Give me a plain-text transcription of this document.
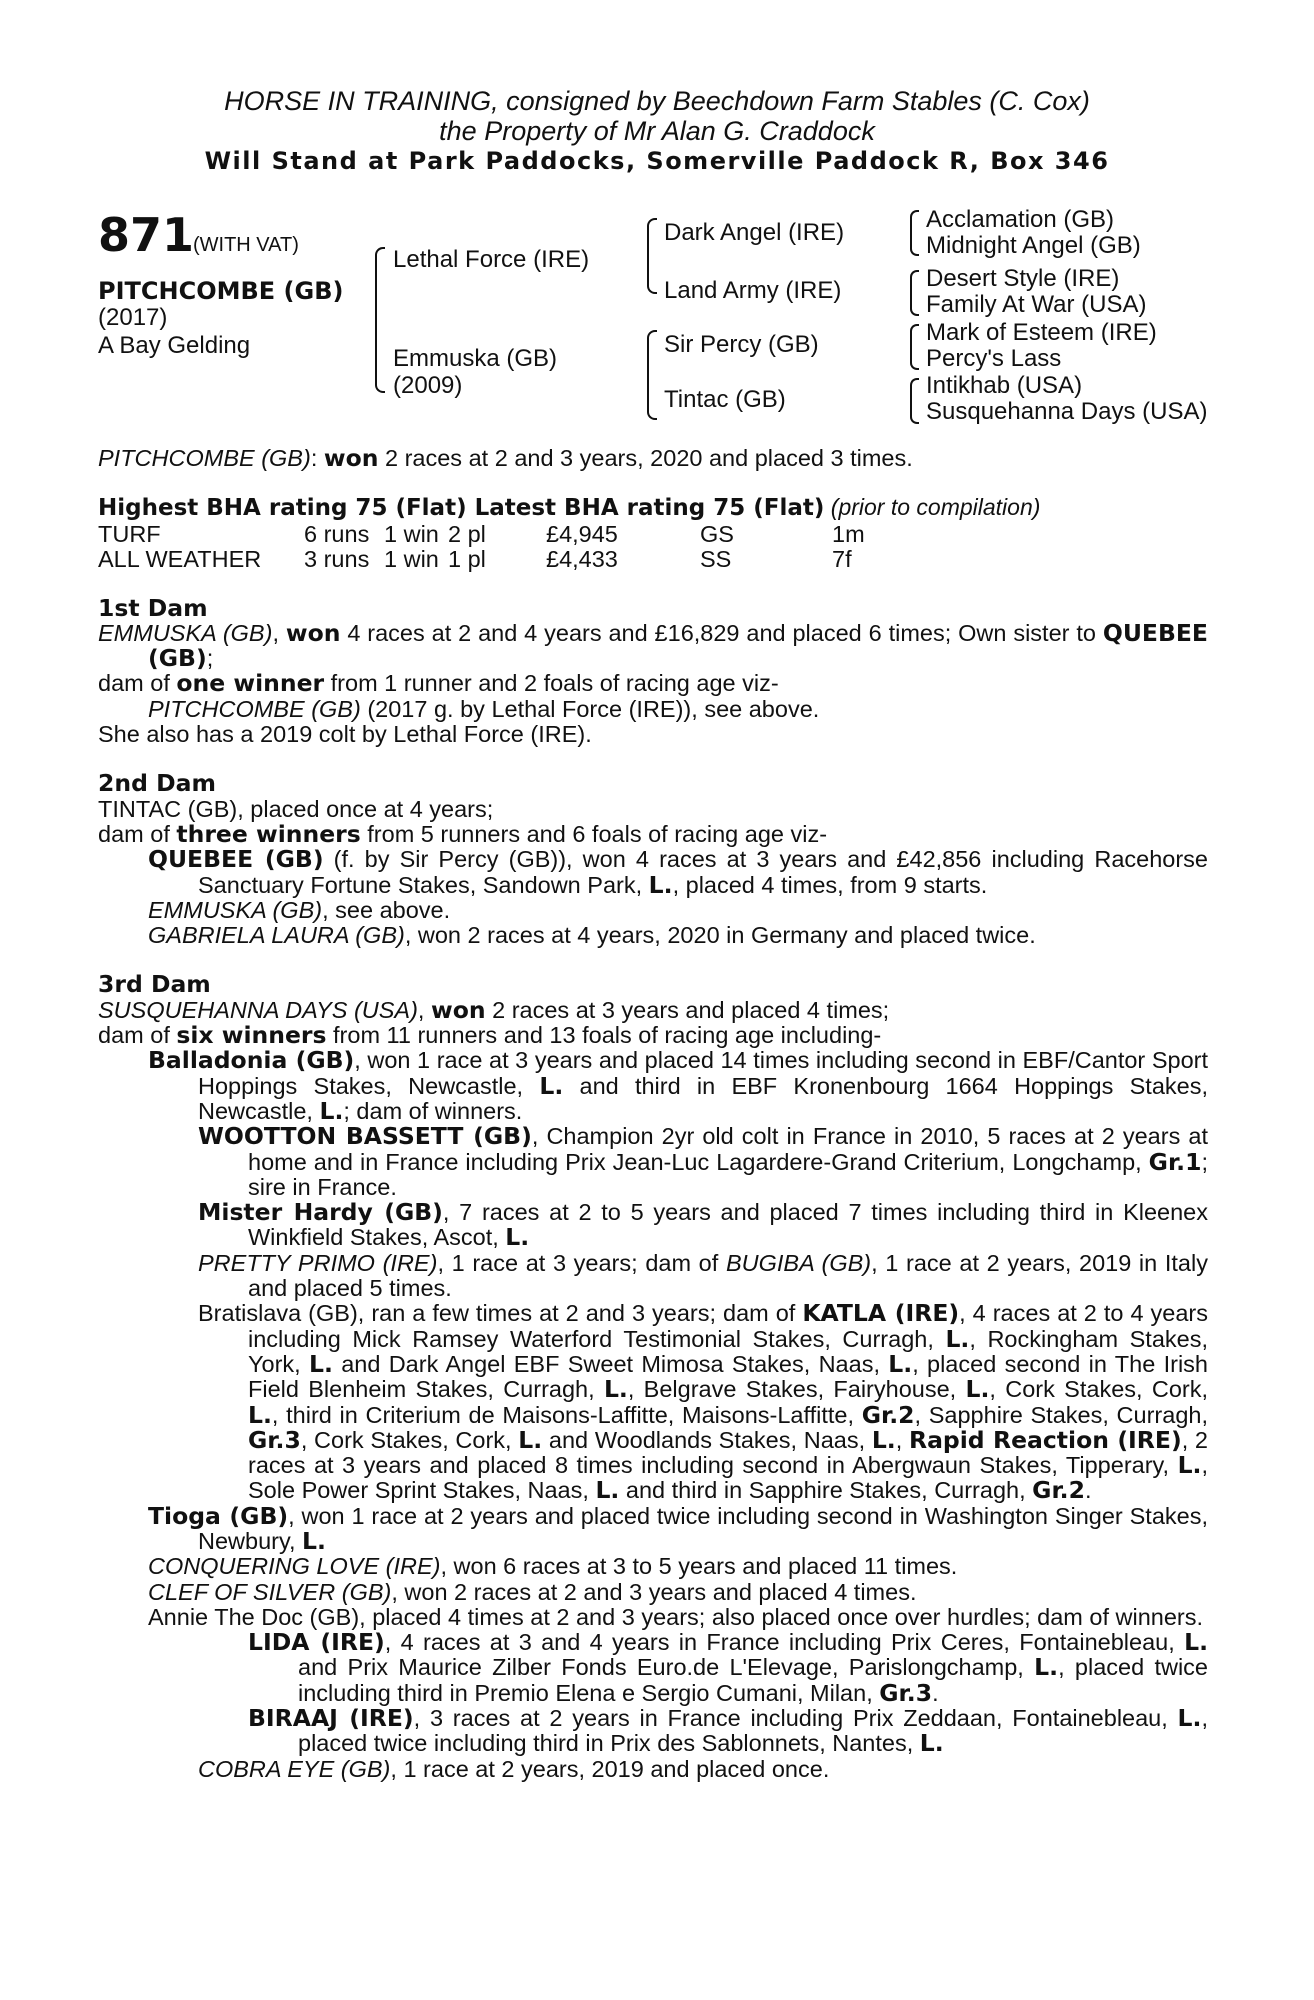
HORSE IN TRAINING, consigned by Beechdown Farm Stables (C. Cox)
the Property of Mr Alan G. Craddock
Will Stand at Park Paddocks, Somerville Paddock R, Box 346
871
(WITH VAT)
PITCHCOMBE (GB)
(2017)
A Bay Gelding
Lethal Force (IRE)
Emmuska (GB)
(2009)
Dark Angel (IRE)
Land Army (IRE)
Sir Percy (GB)
Tintac (GB)
Acclamation (GB)
Midnight Angel (GB)
Desert Style (IRE)
Family At War (USA)
Mark of Esteem (IRE)
Percy's Lass
Intikhab (USA)
Susquehanna Days (USA)

PITCHCOMBE (GB): won 2 races at 2 and 3 years, 2020 and placed 3 times.

Highest BHA rating 75 (Flat) Latest BHA rating 75 (Flat) (prior to compilation)

TURF	6 runs	1 win	2 pl	£4,945	GS	1m
ALL WEATHER	3 runs	1 win	1 pl	£4,433	SS	7f

1st Dam

EMMUSKA (GB), won 4 races at 2 and 4 years and £16,829 and placed 6 times; Own sister to QUEBEE (GB);

dam of one winner from 1 runner and 2 foals of racing age viz-

PITCHCOMBE (GB) (2017 g. by Lethal Force (IRE)), see above.

She also has a 2019 colt by Lethal Force (IRE).

2nd Dam

TINTAC (GB), placed once at 4 years;

dam of three winners from 5 runners and 6 foals of racing age viz-

QUEBEE (GB) (f. by Sir Percy (GB)), won 4 races at 3 years and £42,856 including Racehorse Sanctuary Fortune Stakes, Sandown Park, L., placed 4 times, from 9 starts.

EMMUSKA (GB), see above.

GABRIELA LAURA (GB), won 2 races at 4 years, 2020 in Germany and placed twice.

3rd Dam

SUSQUEHANNA DAYS (USA), won 2 races at 3 years and placed 4 times;

dam of six winners from 11 runners and 13 foals of racing age including-

Balladonia (GB), won 1 race at 3 years and placed 14 times including second in EBF/Cantor Sport Hoppings Stakes, Newcastle, L. and third in EBF Kronenbourg 1664 Hoppings Stakes, Newcastle, L.; dam of winners.

WOOTTON BASSETT (GB), Champion 2yr old colt in France in 2010, 5 races at 2 years at home and in France including Prix Jean-Luc Lagardere-Grand Criterium, Longchamp, Gr.1; sire in France.

Mister Hardy (GB), 7 races at 2 to 5 years and placed 7 times including third in Kleenex Winkfield Stakes, Ascot, L.

PRETTY PRIMO (IRE), 1 race at 3 years; dam of BUGIBA (GB), 1 race at 2 years, 2019 in Italy and placed 5 times.

Bratislava (GB), ran a few times at 2 and 3 years; dam of KATLA (IRE), 4 races at 2 to 4 years including Mick Ramsey Waterford Testimonial Stakes, Curragh, L., Rockingham Stakes, York, L. and Dark Angel EBF Sweet Mimosa Stakes, Naas, L., placed second in The Irish Field Blenheim Stakes, Curragh, L., Belgrave Stakes, Fairyhouse, L., Cork Stakes, Cork, L., third in Criterium de Maisons-Laffitte, Maisons-Laffitte, Gr.2, Sapphire Stakes, Curragh, Gr.3, Cork Stakes, Cork, L. and Woodlands Stakes, Naas, L., Rapid Reaction (IRE), 2 races at 3 years and placed 8 times including second in Abergwaun Stakes, Tipperary, L., Sole Power Sprint Stakes, Naas, L. and third in Sapphire Stakes, Curragh, Gr.2.

Tioga (GB), won 1 race at 2 years and placed twice including second in Washington Singer Stakes, Newbury, L.

CONQUERING LOVE (IRE), won 6 races at 3 to 5 years and placed 11 times.

CLEF OF SILVER (GB), won 2 races at 2 and 3 years and placed 4 times.

Annie The Doc (GB), placed 4 times at 2 and 3 years; also placed once over hurdles; dam of winners.

LIDA (IRE), 4 races at 3 and 4 years in France including Prix Ceres, Fontainebleau, L. and Prix Maurice Zilber Fonds Euro.de L'Elevage, Parislongchamp, L., placed twice including third in Premio Elena e Sergio Cumani, Milan, Gr.3.

BIRAAJ (IRE), 3 races at 2 years in France including Prix Zeddaan, Fontainebleau, L., placed twice including third in Prix des Sablonnets, Nantes, L.

COBRA EYE (GB), 1 race at 2 years, 2019 and placed once.
